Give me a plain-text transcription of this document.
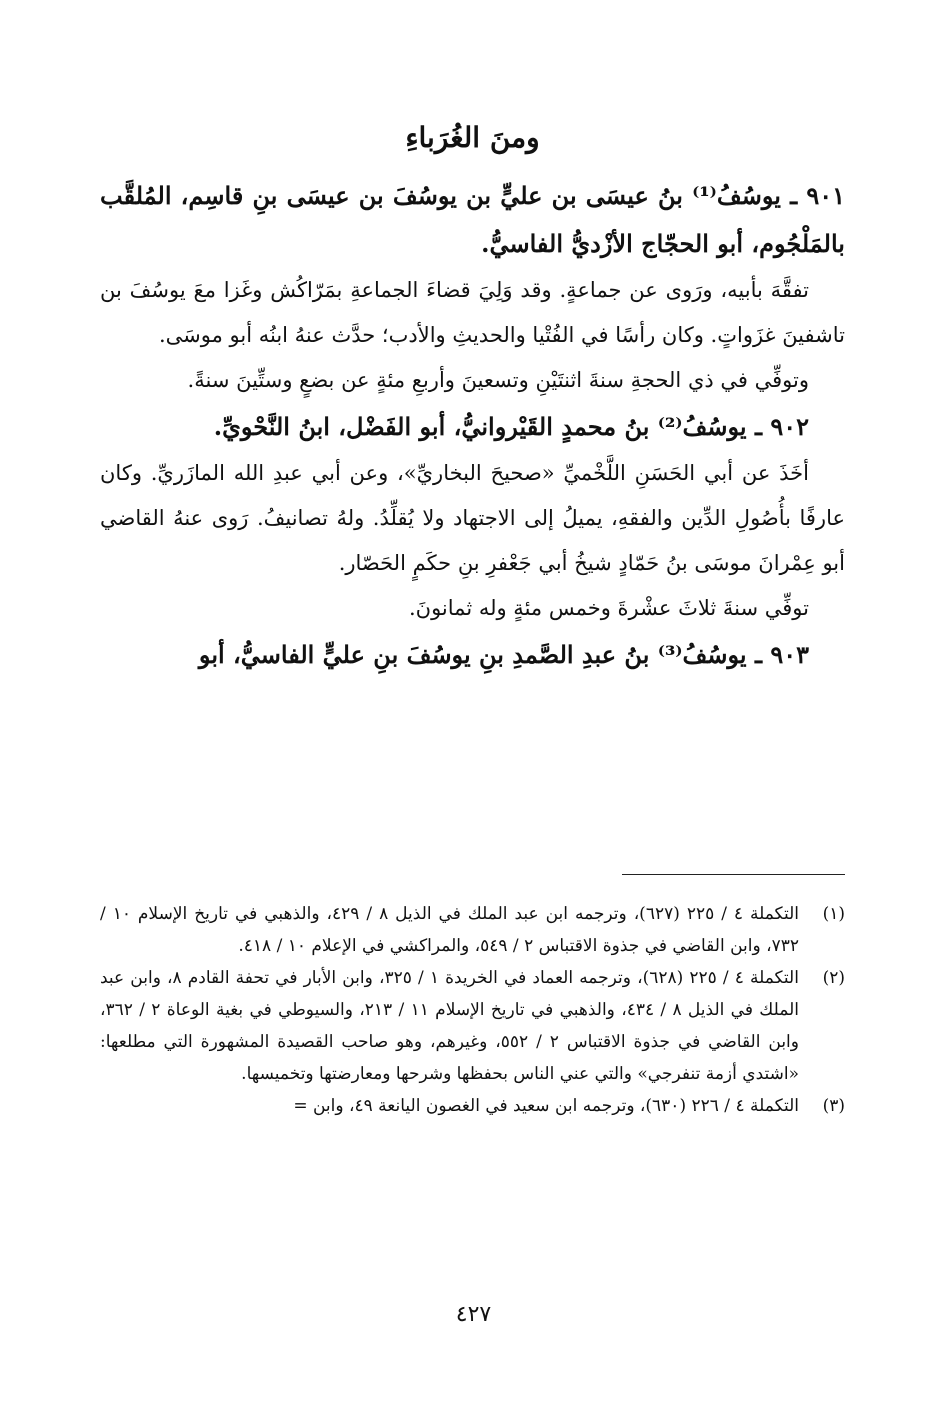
ومنَ الغُرَباءِ

٩٠١ ـ يوسُفُ⁽¹⁾ بنُ عيسَى بن عليٍّ بن يوسُفَ بن عيسَى بنِ قاسِم، المُلقَّب بالمَلْجُوم، أبو الحجّاج الأزْديُّ الفاسيُّ.

تفقَّهَ بأبيه، ورَوى عن جماعةٍ. وقد وَلِيَ قضاءَ الجماعةِ بمَرّاكُش وغَزا معَ يوسُفَ بن تاشفينَ غزَواتٍ. وكان رأسًا في الفُتْيا والحديثِ والأدب؛ حدَّث عنهُ ابنُه أبو موسَى.

وتوفِّي في ذي الحجةِ سنةَ اثنتَيْنِ وتسعينَ وأربعِ مئةٍ عن بضعٍ وستِّينَ سنةً.

٩٠٢ ـ يوسُفُ⁽²⁾ بنُ محمدٍ القَيْروانيُّ، أبو الفَضْل، ابنُ النَّحْويِّ.

أخَذَ عن أبي الحَسَنِ اللَّخْميِّ «صحيحَ البخاريِّ»، وعن أبي عبدِ الله المازَريِّ. وكان عارفًا بأُصُولِ الدِّين والفقهِ، يميلُ إلى الاجتهاد ولا يُقلِّدُ. ولهُ تصانيفُ. رَوى عنهُ القاضي أبو عِمْرانَ موسَى بنُ حَمّادٍ شيخُ أبي جَعْفرِ بنِ حكَمٍ الحَصّار.

توفِّي سنةَ ثلاثَ عشْرةَ وخمس مئةٍ وله ثمانونَ.

٩٠٣ ـ يوسُفُ⁽³⁾ بنُ عبدِ الصَّمدِ بنِ يوسُفَ بنِ عليٍّ الفاسيُّ، أبو

(١)
التكملة ٤ / ٢٢٥ (٦٢٧)، وترجمه ابن عبد الملك في الذيل ٨ / ٤٢٩، والذهبي في تاريخ الإسلام ١٠ / ٧٣٢، وابن القاضي في جذوة الاقتباس ٢ / ٥٤٩، والمراكشي في الإعلام ١٠ / ٤١٨.
(٢)
التكملة ٤ / ٢٢٥ (٦٢٨)، وترجمه العماد في الخريدة ١ / ٣٢٥، وابن الأبار في تحفة القادم ٨، وابن عبد الملك في الذيل ٨ / ٤٣٤، والذهبي في تاريخ الإسلام ١١ / ٢١٣، والسيوطي في بغية الوعاة ٢ / ٣٦٢، وابن القاضي في جذوة الاقتباس ٢ / ٥٥٢، وغيرهم، وهو صاحب القصيدة المشهورة التي مطلعها: «اشتدي أزمة تنفرجي» والتي عني الناس بحفظها وشرحها ومعارضتها وتخميسها.
(٣)
التكملة ٤ / ٢٢٦ (٦٣٠)، وترجمه ابن سعيد في الغصون اليانعة ٤٩، وابن =
٤٢٧
